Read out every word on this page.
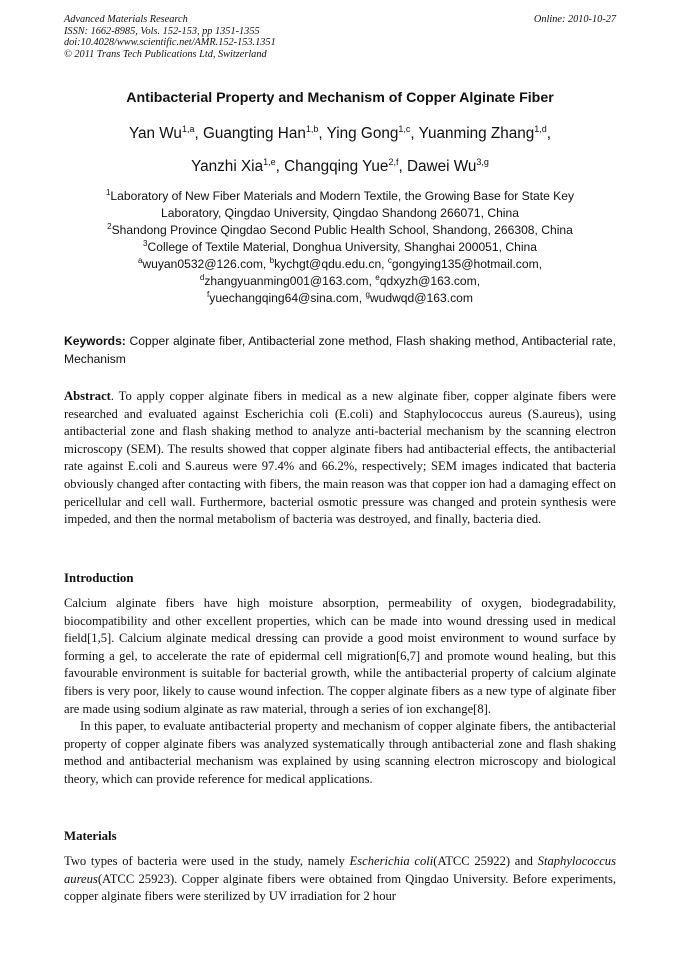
Advanced Materials Research
ISSN: 1662-8985, Vols. 152-153, pp 1351-1355
doi:10.4028/www.scientific.net/AMR.152-153.1351
© 2011 Trans Tech Publications Ltd, Switzerland
Online: 2010-10-27
Antibacterial Property and Mechanism of Copper Alginate Fiber
Yan Wu$^{1,a}$, Guangting Han$^{1,b}$, Ying Gong$^{1,c}$, Yuanming Zhang$^{1,d}$,
Yanzhi Xia$^{1,e}$, Changqing Yue$^{2,f}$, Dawei Wu$^{3,g}$
$^1$Laboratory of New Fiber Materials and Modern Textile, the Growing Base for State Key
Laboratory, Qingdao University, Qingdao Shandong 266071, China
$^2$Shandong Province Qingdao Second Public Health School, Shandong, 266308, China
$^3$College of Textile Material, Donghua University, Shanghai 200051, China
$^a$wuyan0532@126.com, $^b$kychgt@qdu.edu.cn, $^c$gongying135@hotmail.com,
$^d$zhangyuanming001@163.com, $^e$qdxyzh@163.com,
$^f$yuechangqing64@sina.com, $^g$wudwqd@163.com
Keywords: Copper alginate fiber, Antibacterial zone method, Flash shaking method, Antibacterial rate, Mechanism
Abstract. To apply copper alginate fibers in medical as a new alginate fiber, copper alginate fibers were researched and evaluated against Escherichia coli (E.coli) and Staphylococcus aureus (S.aureus), using antibacterial zone and flash shaking method to analyze anti-bacterial mechanism by the scanning electron microscopy (SEM). The results showed that copper alginate fibers had antibacterial effects, the antibacterial rate against E.coli and S.aureus were 97.4% and 66.2%, respectively; SEM images indicated that bacteria obviously changed after contacting with fibers, the main reason was that copper ion had a damaging effect on pericellular and cell wall. Furthermore, bacterial osmotic pressure was changed and protein synthesis were impeded, and then the normal metabolism of bacteria was destroyed, and finally, bacteria died.
Introduction

Calcium alginate fibers have high moisture absorption, permeability of oxygen, biodegradability, biocompatibility and other excellent properties, which can be made into wound dressing used in medical field[1,5]. Calcium alginate medical dressing can provide a good moist environment to wound surface by forming a gel, to accelerate the rate of epidermal cell migration[6,7] and promote wound healing, but this favourable environment is suitable for bacterial growth, while the antibacterial property of calcium alginate fibers is very poor, likely to cause wound infection. The copper alginate fibers as a new type of alginate fiber are made using sodium alginate as raw material, through a series of ion exchange[8].

In this paper, to evaluate antibacterial property and mechanism of copper alginate fibers, the antibacterial property of copper alginate fibers was analyzed systematically through antibacterial zone and flash shaking method and antibacterial mechanism was explained by using scanning electron microscopy and biological theory, which can provide reference for medical applications.

Materials
Two types of bacteria were used in the study, namely Escherichia coli(ATCC 25922) and Staphylococcus aureus(ATCC 25923). Copper alginate fibers were obtained from Qingdao University. Before experiments, copper alginate fibers were sterilized by UV irradiation for 2 hour
